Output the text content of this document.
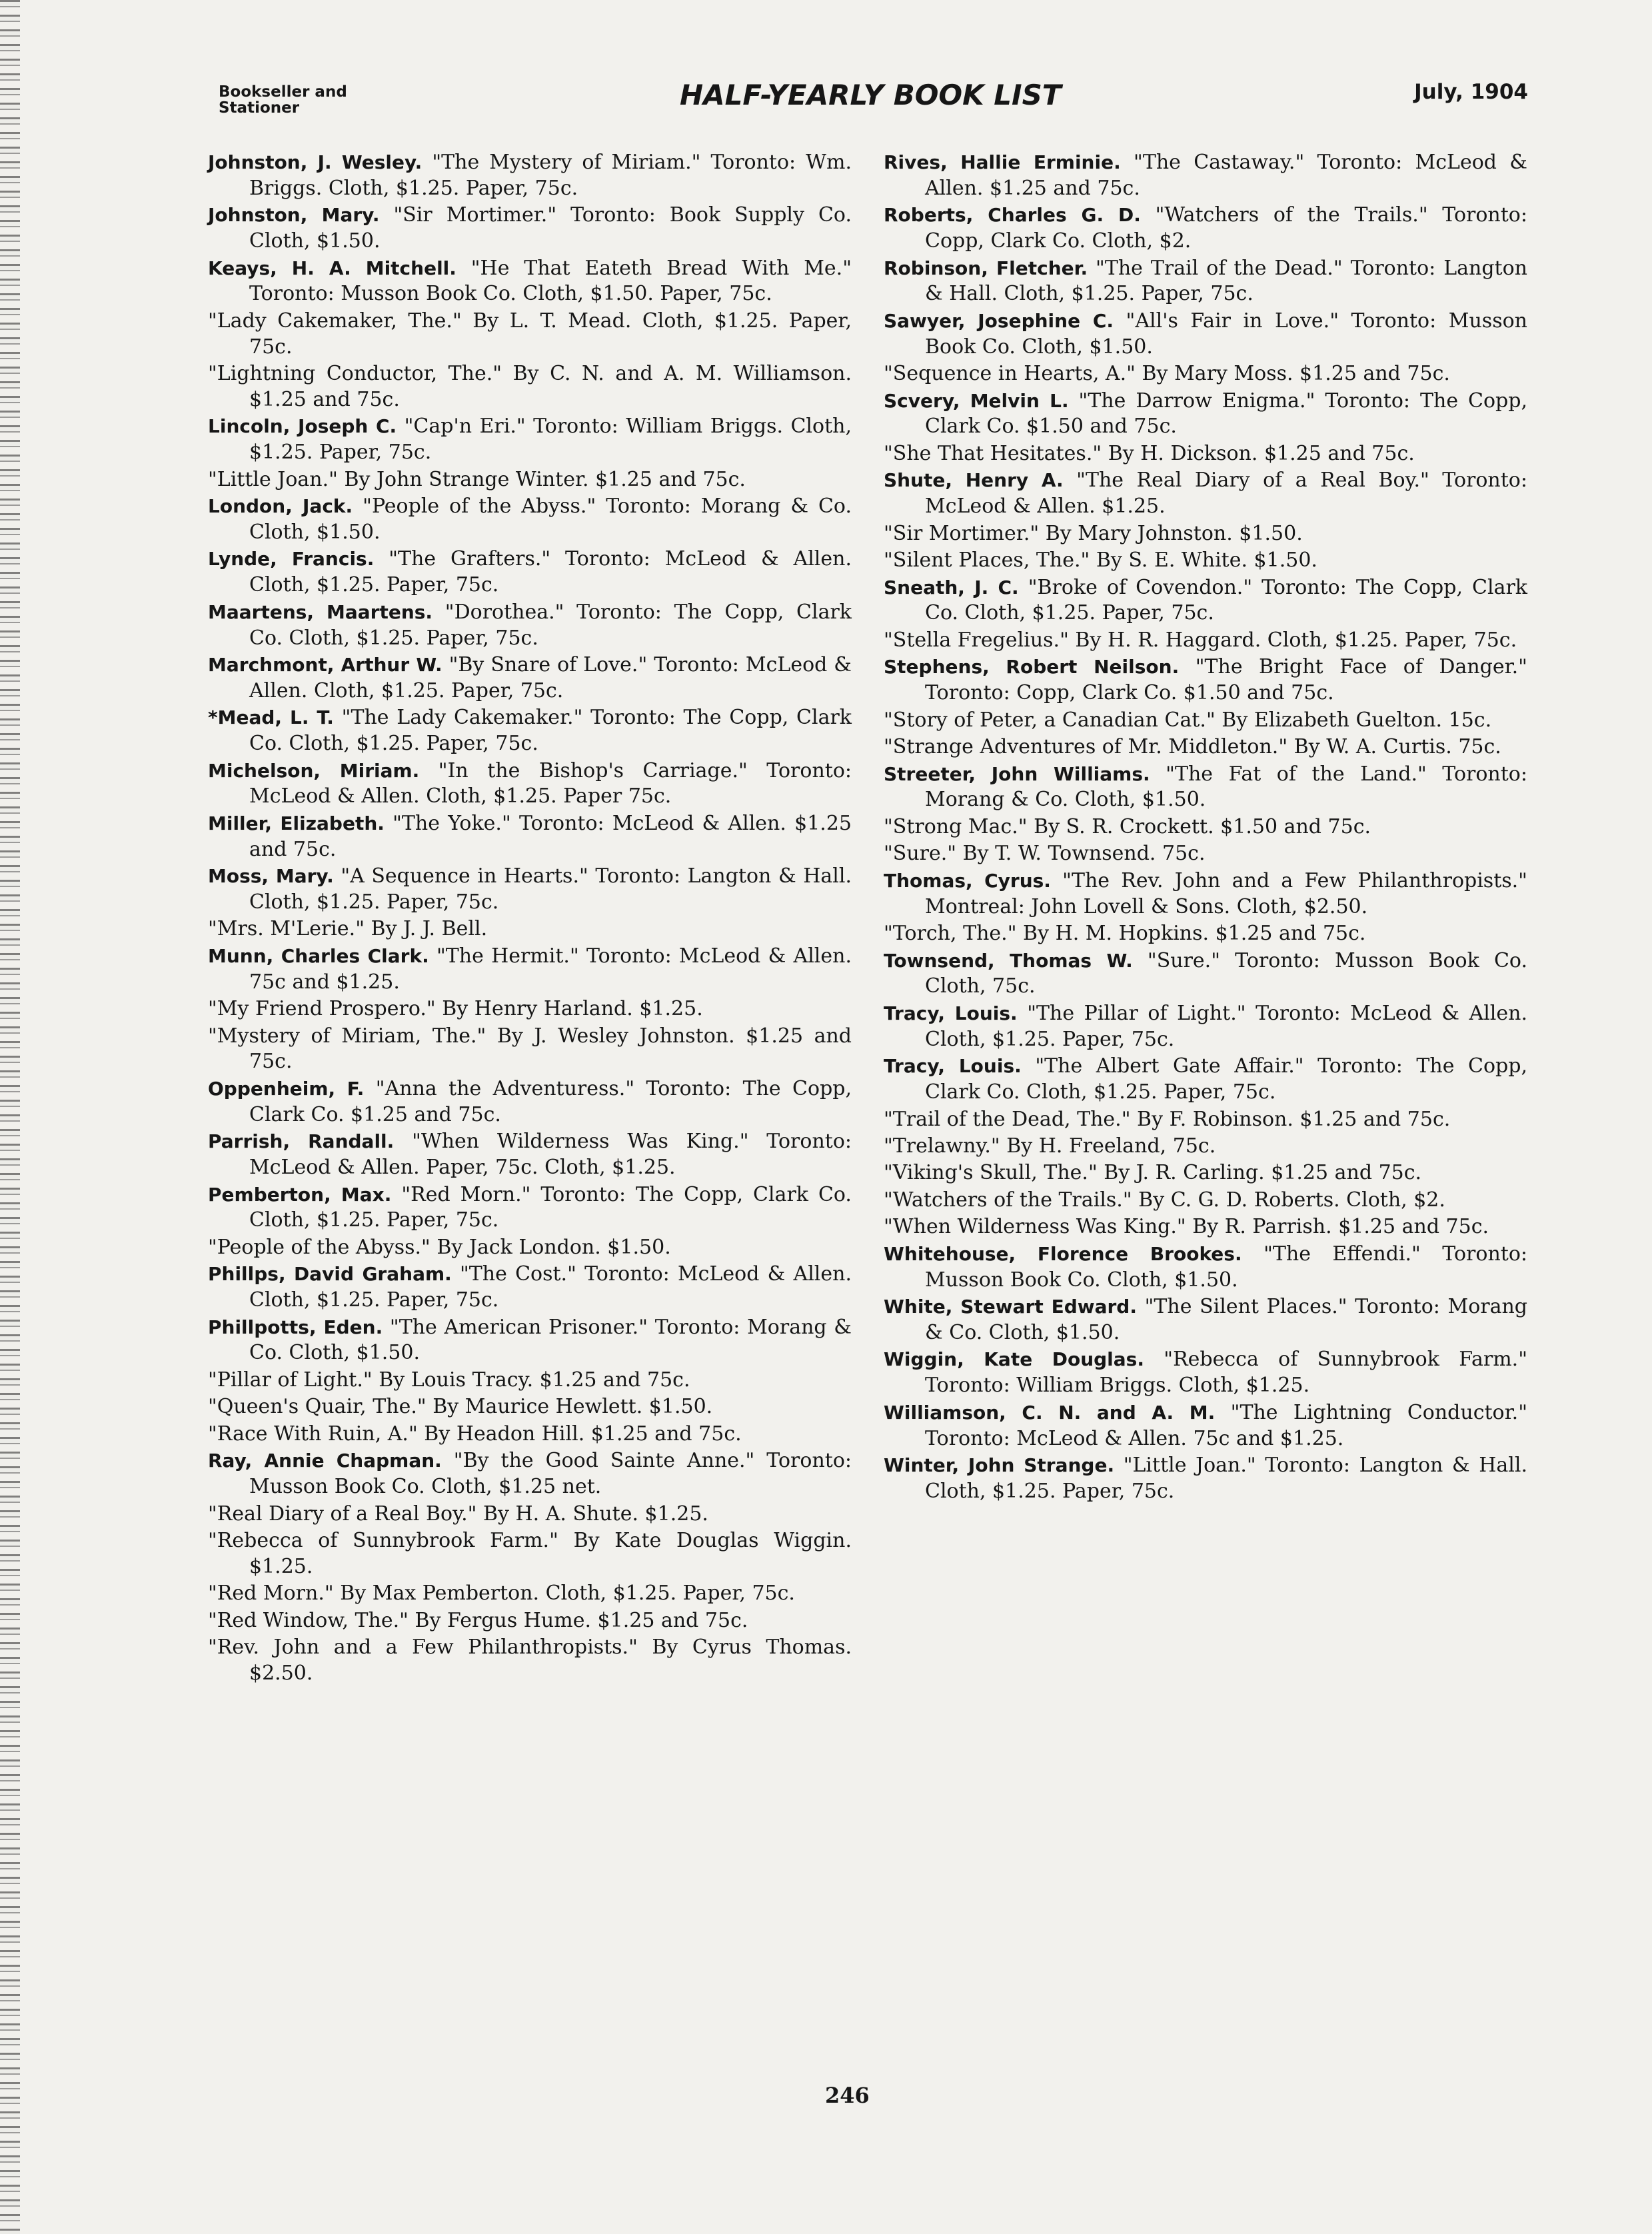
Bookseller and Stationer	HALF-YEARLY BOOK LIST	July, 1904
Johnston, J. Wesley. "The Mystery of Miriam." Toronto: Wm. Briggs. Cloth, $1.25. Paper, 75c.
Johnston, Mary. "Sir Mortimer." Toronto: Book Supply Co. Cloth, $1.50.
Keays, H. A. Mitchell. "He That Eateth Bread With Me." Toronto: Musson Book Co. Cloth, $1.50. Paper, 75c.
"Lady Cakemaker, The." By L. T. Mead. Cloth, $1.25. Paper, 75c.
"Lightning Conductor, The." By C. N. and A. M. Williamson. $1.25 and 75c.
Lincoln, Joseph C. "Cap'n Eri." Toronto: William Briggs. Cloth, $1.25. Paper, 75c.
"Little Joan." By John Strange Winter. $1.25 and 75c.
London, Jack. "People of the Abyss." Toronto: Morang & Co. Cloth, $1.50.
Lynde, Francis. "The Grafters." Toronto: McLeod & Allen. Cloth, $1.25. Paper, 75c.
Maartens, Maartens. "Dorothea." Toronto: The Copp, Clark Co. Cloth, $1.25. Paper, 75c.
Marchmont, Arthur W. "By Snare of Love." Toronto: McLeod & Allen. Cloth, $1.25. Paper, 75c.
*Mead, L. T. "The Lady Cakemaker." Toronto: The Copp, Clark Co. Cloth, $1.25. Paper, 75c.
Michelson, Miriam. "In the Bishop's Carriage." Toronto: McLeod & Allen. Cloth, $1.25. Paper 75c.
Miller, Elizabeth. "The Yoke." Toronto: McLeod & Allen. $1.25 and 75c.
Moss, Mary. "A Sequence in Hearts." Toronto: Langton & Hall. Cloth, $1.25. Paper, 75c.
"Mrs. M'Lerie." By J. J. Bell.
Munn, Charles Clark. "The Hermit." Toronto: McLeod & Allen. 75c and $1.25.
"My Friend Prospero." By Henry Harland. $1.25.
"Mystery of Miriam, The." By J. Wesley Johnston. $1.25 and 75c.
Oppenheim, F. "Anna the Adventuress." Toronto: The Copp, Clark Co. $1.25 and 75c.
Parrish, Randall. "When Wilderness Was King." Toronto: McLeod & Allen. Paper, 75c. Cloth, $1.25.
Pemberton, Max. "Red Morn." Toronto: The Copp, Clark Co. Cloth, $1.25. Paper, 75c.
"People of the Abyss." By Jack London. $1.50.
Phillps, David Graham. "The Cost." Toronto: McLeod & Allen. Cloth, $1.25. Paper, 75c.
Phillpotts, Eden. "The American Prisoner." Toronto: Morang & Co. Cloth, $1.50.
"Pillar of Light." By Louis Tracy. $1.25 and 75c.
"Queen's Quair, The." By Maurice Hewlett. $1.50.
"Race With Ruin, A." By Headon Hill. $1.25 and 75c.
Ray, Annie Chapman. "By the Good Sainte Anne." Toronto: Musson Book Co. Cloth, $1.25 net.
"Real Diary of a Real Boy." By H. A. Shute. $1.25.
"Rebecca of Sunnybrook Farm." By Kate Douglas Wiggin. $1.25.
"Red Morn." By Max Pemberton. Cloth, $1.25. Paper, 75c.
"Red Window, The." By Fergus Hume. $1.25 and 75c.
"Rev. John and a Few Philanthropists." By Cyrus Thomas. $2.50.
Rives, Hallie Erminie. "The Castaway." Toronto: McLeod & Allen. $1.25 and 75c.
Roberts, Charles G. D. "Watchers of the Trails." Toronto: Copp, Clark Co. Cloth, $2.
Robinson, Fletcher. "The Trail of the Dead." Toronto: Langton & Hall. Cloth, $1.25. Paper, 75c.
Sawyer, Josephine C. "All's Fair in Love." Toronto: Musson Book Co. Cloth, $1.50.
"Sequence in Hearts, A." By Mary Moss. $1.25 and 75c.
Scvery, Melvin L. "The Darrow Enigma." Toronto: The Copp, Clark Co. $1.50 and 75c.
"She That Hesitates." By H. Dickson. $1.25 and 75c.
Shute, Henry A. "The Real Diary of a Real Boy." Toronto: McLeod & Allen. $1.25.
"Sir Mortimer." By Mary Johnston. $1.50.
"Silent Places, The." By S. E. White. $1.50.
Sneath, J. C. "Broke of Covendon." Toronto: The Copp, Clark Co. Cloth, $1.25. Paper, 75c.
"Stella Fregelius." By H. R. Haggard. Cloth, $1.25. Paper, 75c.
Stephens, Robert Neilson. "The Bright Face of Danger." Toronto: Copp, Clark Co. $1.50 and 75c.
"Story of Peter, a Canadian Cat." By Elizabeth Guelton. 15c.
"Strange Adventures of Mr. Middleton." By W. A. Curtis. 75c.
Streeter, John Williams. "The Fat of the Land." Toronto: Morang & Co. Cloth, $1.50.
"Strong Mac." By S. R. Crockett. $1.50 and 75c.
"Sure." By T. W. Townsend. 75c.
Thomas, Cyrus. "The Rev. John and a Few Philanthropists." Montreal: John Lovell & Sons. Cloth, $2.50.
"Torch, The." By H. M. Hopkins. $1.25 and 75c.
Townsend, Thomas W. "Sure." Toronto: Musson Book Co. Cloth, 75c.
Tracy, Louis. "The Pillar of Light." Toronto: McLeod & Allen. Cloth, $1.25. Paper, 75c.
Tracy, Louis. "The Albert Gate Affair." Toronto: The Copp, Clark Co. Cloth, $1.25. Paper, 75c.
"Trail of the Dead, The." By F. Robinson. $1.25 and 75c.
"Trelawny." By H. Freeland, 75c.
"Viking's Skull, The." By J. R. Carling. $1.25 and 75c.
"Watchers of the Trails." By C. G. D. Roberts. Cloth, $2.
"When Wilderness Was King." By R. Parrish. $1.25 and 75c.
Whitehouse, Florence Brookes. "The Effendi." Toronto: Musson Book Co. Cloth, $1.50.
White, Stewart Edward. "The Silent Places." Toronto: Morang & Co. Cloth, $1.50.
Wiggin, Kate Douglas. "Rebecca of Sunnybrook Farm." Toronto: William Briggs. Cloth, $1.25.
Williamson, C. N. and A. M. "The Lightning Conductor." Toronto: McLeod & Allen. 75c and $1.25.
Winter, John Strange. "Little Joan." Toronto: Langton & Hall. Cloth, $1.25. Paper, 75c.
246
